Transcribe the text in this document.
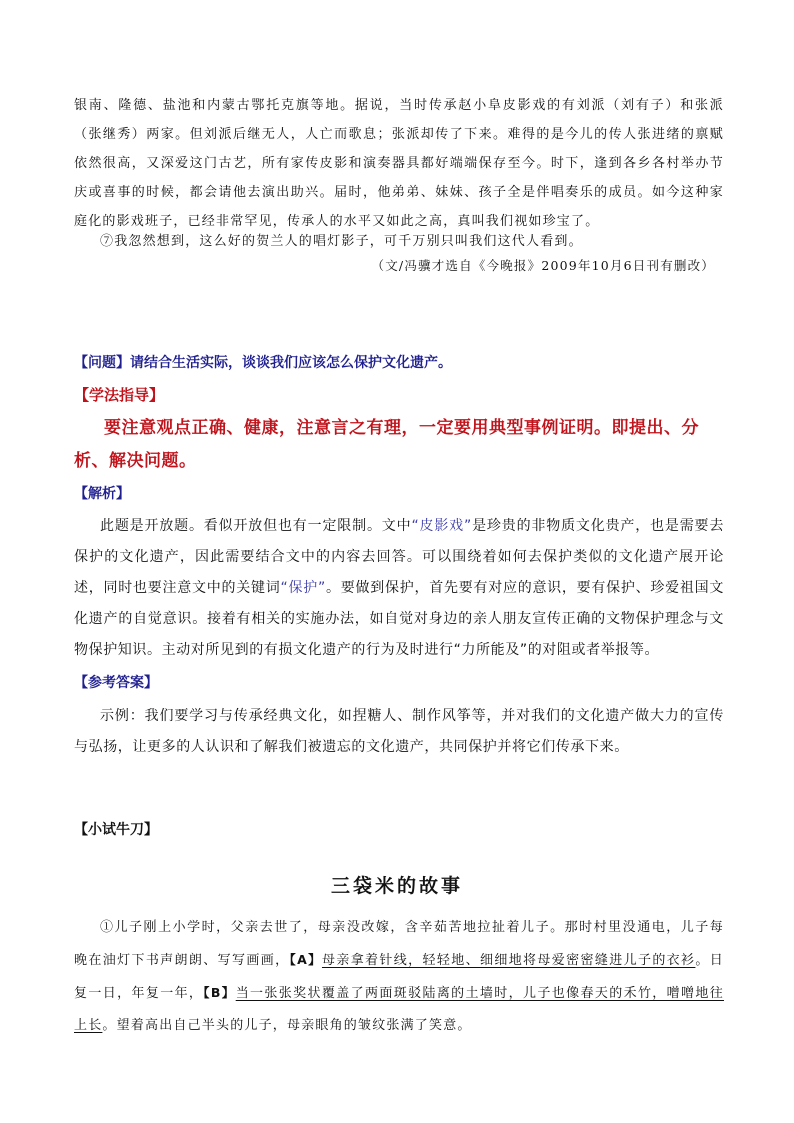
银南、隆德、盐池和内蒙古鄂托克旗等地。据说，当时传承赵小阜皮影戏的有刘派（刘有子）和张派（张继秀）两家。但刘派后继无人，人亡而歌息；张派却传了下来。难得的是今儿的传人张进绪的禀赋依然很高，又深爱这门古艺，所有家传皮影和演奏器具都好端端保存至今。时下，逢到各乡各村举办节庆或喜事的时候，都会请他去演出助兴。届时，他弟弟、妹妹、孩子全是伴唱奏乐的成员。如今这种家庭化的影戏班子，已经非常罕见，传承人的水平又如此之高，真叫我们视如珍宝了。
⑦我忽然想到，这么好的贺兰人的唱灯影子，可千万别只叫我们这代人看到。
（文/冯骥才选自《今晚报》2009年10月6日刊有删改）
【问题】请结合生活实际，谈谈我们应该怎么保护文化遗产。
【学法指导】
要注意观点正确、健康，注意言之有理，一定要用典型事例证明。即提出、分析、解决问题。
【解析】
此题是开放题。看似开放但也有一定限制。文中“皮影戏”是珍贵的非物质文化贵产，也是需要去保护的文化遗产，因此需要结合文中的内容去回答。可以围绕着如何去保护类似的文化遗产展开论述，同时也要注意文中的关键词“保护”。要做到保护，首先要有对应的意识，要有保护、珍爱祖国文化遗产的自觉意识。接着有相关的实施办法，如自觉对身边的亲人朋友宣传正确的文物保护理念与文物保护知识。主动对所见到的有损文化遗产的行为及时进行“力所能及”的对阻或者举报等。
【参考答案】
示例：我们要学习与传承经典文化，如捏糖人、制作风筝等，并对我们的文化遗产做大力的宣传与弘扬，让更多的人认识和了解我们被遗忘的文化遗产，共同保护并将它们传承下来。
【小试牛刀】
三袋米的故事
①儿子刚上小学时，父亲去世了，母亲没改嫁，含辛茹苦地拉扯着儿子。那时村里没通电，儿子每晚在油灯下书声朗朗、写写画画，【A】母亲拿着针线，轻轻地、细细地将母爱密密缝进儿子的衣衫。日复一日，年复一年，【B】当一张张奖状覆盖了两面斑驳陆离的土墙时，儿子也像春天的禾竹，噌噌地往上长。望着高出自己半头的儿子，母亲眼角的皱纹张满了笑意。
